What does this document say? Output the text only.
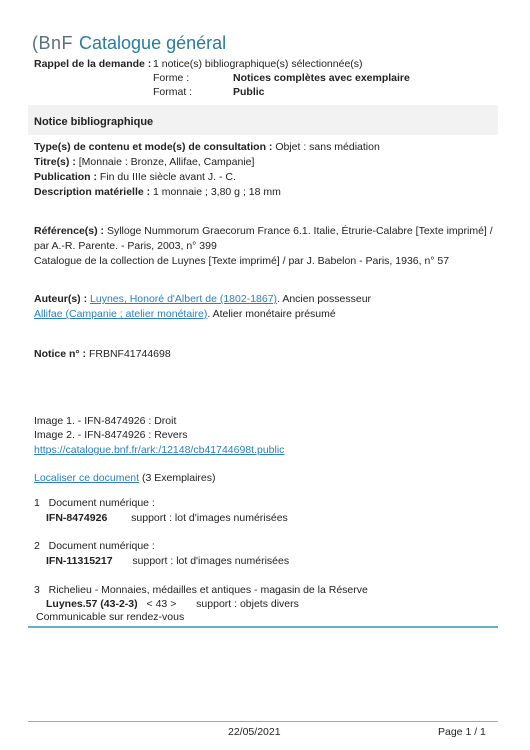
(BnF Catalogue général
Rappel de la demande : 1 notice(s) bibliographique(s) sélectionnée(s)
Forme :	Notices complètes avec exemplaire
Format :	Public
Notice bibliographique
Type(s) de contenu et mode(s) de consultation : Objet : sans médiation
Titre(s) : [Monnaie : Bronze, Allifae, Campanie]
Publication : Fin du IIIe siècle avant J. - C.
Description matérielle : 1 monnaie ; 3,80 g ; 18 mm
Référence(s) : Sylloge Nummorum Graecorum France 6.1. Italie, Étrurie-Calabre [Texte imprimé] /
par A.-R. Parente. - Paris, 2003, n° 399
Catalogue de la collection de Luynes [Texte imprimé] / par J. Babelon - Paris, 1936, n° 57
Auteur(s) : Luynes, Honoré d'Albert de (1802-1867). Ancien possesseur
Allifae (Campanie ; atelier monétaire). Atelier monétaire présumé
Notice n° : FRBNF41744698
Image 1. - IFN-8474926 : Droit
Image 2. - IFN-8474926 : Revers
https://catalogue.bnf.fr/ark:/12148/cb41744698t.public
Localiser ce document (3 Exemplaires)
1 Document numérique :
IFN-8474926 support : lot d'images numérisées
2 Document numérique :
IFN-11315217 support : lot d'images numérisées
3 Richelieu - Monnaies, médailles et antiques - magasin de la Réserve
Luynes.57 (43-2-3) < 43 > support : objets divers
Communicable sur rendez-vous
22/05/2021	Page 1 / 1
